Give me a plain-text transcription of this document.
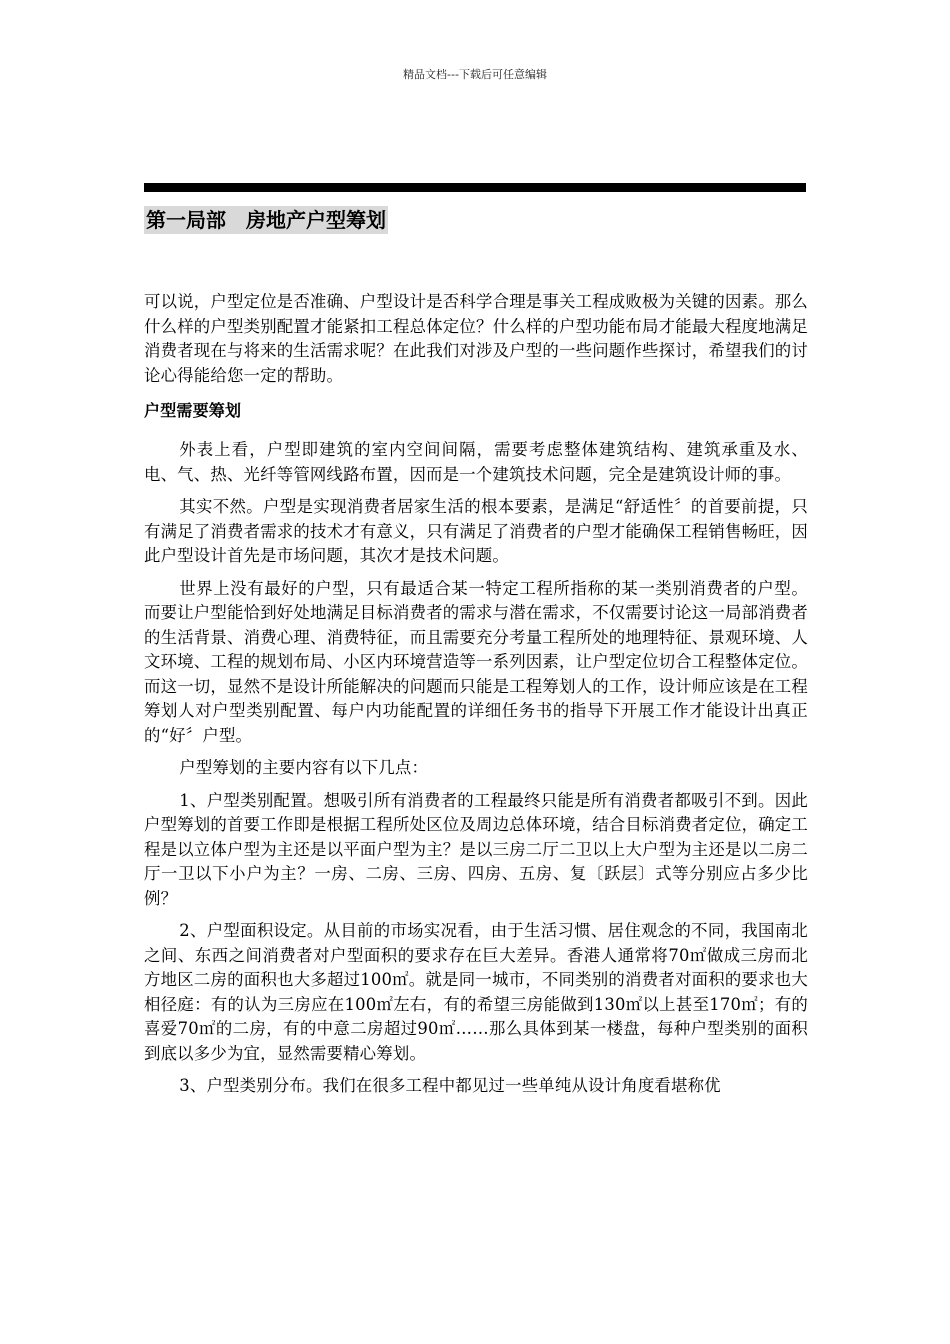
精品文档---下载后可任意编辑
第一局部　房地产户型筹划

可以说，户型定位是否准确、户型设计是否科学合理是事关工程成败极为关键的因素。那么什么样的户型类别配置才能紧扣工程总体定位？什么样的户型功能布局才能最大程度地满足消费者现在与将来的生活需求呢？在此我们对涉及户型的一些问题作些探讨，希望我们的讨论心得能给您一定的帮助。

户型需要筹划

外表上看，户型即建筑的室内空间间隔，需要考虑整体建筑结构、建筑承重及水、电、气、热、光纤等管网线路布置，因而是一个建筑技术问题，完全是建筑设计师的事。

其实不然。户型是实现消费者居家生活的根本要素，是满足“舒适性〞的首要前提，只有满足了消费者需求的技术才有意义，只有满足了消费者的户型才能确保工程销售畅旺，因此户型设计首先是市场问题，其次才是技术问题。

世界上没有最好的户型，只有最适合某一特定工程所指称的某一类别消费者的户型。而要让户型能恰到好处地满足目标消费者的需求与潜在需求，不仅需要讨论这一局部消费者的生活背景、消费心理、消费特征，而且需要充分考量工程所处的地理特征、景观环境、人文环境、工程的规划布局、小区内环境营造等一系列因素，让户型定位切合工程整体定位。而这一切，显然不是设计所能解决的问题而只能是工程筹划人的工作，设计师应该是在工程筹划人对户型类别配置、每户内功能配置的详细任务书的指导下开展工作才能设计出真正的“好〞户型。

户型筹划的主要内容有以下几点：

1、户型类别配置。想吸引所有消费者的工程最终只能是所有消费者都吸引不到。因此户型筹划的首要工作即是根据工程所处区位及周边总体环境，结合目标消费者定位，确定工程是以立体户型为主还是以平面户型为主？是以三房二厅二卫以上大户型为主还是以二房二厅一卫以下小户为主？一房、二房、三房、四房、五房、复〔跃层〕式等分别应占多少比例？

2、户型面积设定。从目前的市场实况看，由于生活习惯、居住观念的不同，我国南北之间、东西之间消费者对户型面积的要求存在巨大差异。香港人通常将70㎡做成三房而北方地区二房的面积也大多超过100㎡。就是同一城市，不同类别的消费者对面积的要求也大相径庭：有的认为三房应在100㎡左右，有的希望三房能做到130㎡以上甚至170㎡；有的喜爱70㎡的二房，有的中意二房超过90㎡……那么具体到某一楼盘，每种户型类别的面积到底以多少为宜，显然需要精心筹划。

3、户型类别分布。我们在很多工程中都见过一些单纯从设计角度看堪称优
